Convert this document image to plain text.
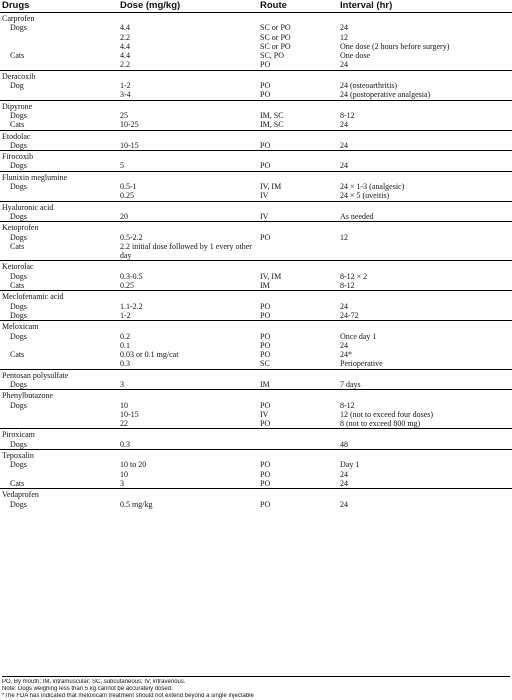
Drugs	Dose (mg/kg)	Route	Interval (hr)
Carprofen			
Dogs	4.4	SC or PO	24
	2.2	SC or PO	12
	4.4	SC or PO	One dose (2 hours before surgery)
Cats	4.4	SC, PO	One dose
	2.2	PO	24
Deracoxib			
Dog	1-2	PO	24 (osteoarthritis)
	3-4	PO	24 (postoperative analgesia)
Dipyrone			
Dogs	25	IM, SC	8-12
Cats	10-25	IM, SC	24
Etodolac			
Dogs	10-15	PO	24
Firocoxib			
Dogs	5	PO	24
Flunixin meglumine			
Dogs	0.5-1	IV, IM	24 × 1-3 (analgesic)
	0.25	IV	24 × 5 (uveitis)
Hyaluronic acid			
Dogs	20	IV	As needed
Ketoprofen			
Dogs	0.5-2.2	PO	12
Cats	2.2 initial dose followed by 1 every other day		
Ketorolac			
Dogs	0.3-0.5	IV, IM	8-12 × 2
Cats	0.25	IM	8-12
Meclofenamic acid			
Dogs	1.1-2.2	PO	24
Dogs	1-2	PO	24-72
Meloxicam			
Dogs	0.2	PO	Once day 1
	0.1	PO	24
Cats	0.03 or 0.1 mg/cat	PO	24*
	0.3	SC	Perioperative
Pentosan polysulfate			
Dogs	3	IM	7 days
Phenylbutazone			
Dogs	10	PO	8-12
	10-15	IV	12 (not to exceed four doses)
	22	PO	8 (not to exceed 800 mg)
Piroxicam			
Dogs	0.3		48
Tepoxalin			
Dogs	10 to 20	PO	Day 1
	10	PO	24
Cats	3	PO	24
Vedaprofen			
Dogs	0.5 mg/kg	PO	24
PO, By mouth; IM, intramuscular; SC, subcutaneous; IV, intravenous.
Note: Dogs weighing less than 5 kg cannot be accurately dosed.
*The FDA has indicated that meloxicam treatment should not extend beyond a single injectable
